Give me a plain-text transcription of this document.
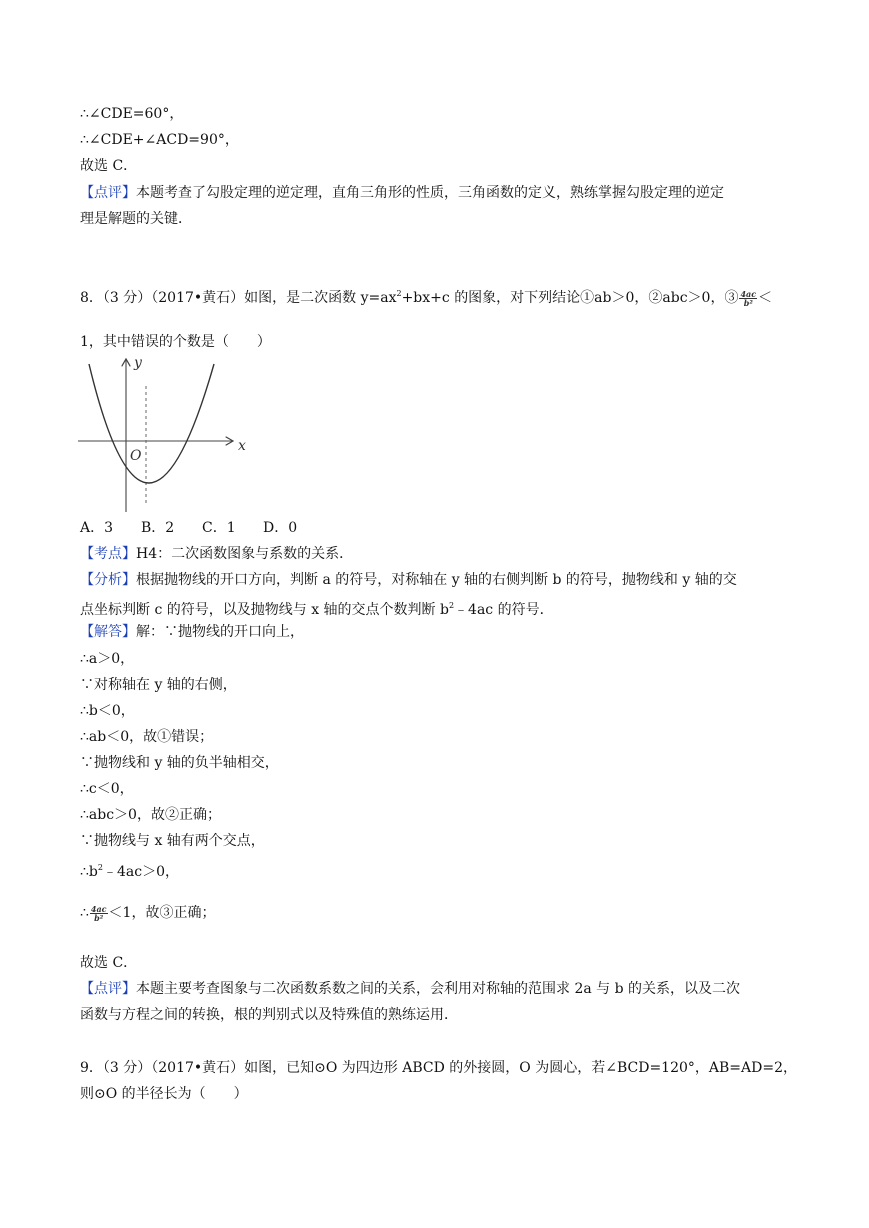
∴∠CDE=60°，
∴∠CDE+∠ACD=90°，
故选 C．
【点评】本题考查了勾股定理的逆定理，直角三角形的性质，三角函数的定义，熟练掌握勾股定理的逆定
理是解题的关键．
8．（3 分）（2017•黄石）如图，是二次函数 $y=ax^2+bx+c$ 的图象，对下列结论①ab＞0，②abc＞0，③ $\frac{4ac}{\text{b²}}$ ＜
1，其中错误的个数是（　　）
y
x
O
A．3 B．2 C．1 D．0
【考点】H4：二次函数图象与系数的关系．
【分析】根据抛物线的开口方向，判断 a 的符号，对称轴在 y 轴的右侧判断 b 的符号，抛物线和 y 轴的交
点坐标判断 c 的符号，以及抛物线与 x 轴的交点个数判断 $b^2﹣4ac$ 的符号．
【解答】解：∵抛物线的开口向上，
∴a＞0，
∵对称轴在 y 轴的右侧，
∴b＜0，
∴ab＜0，故①错误；
∵抛物线和 y 轴的负半轴相交，
∴c＜0，
∴abc＞0，故②正确；
∵抛物线与 x 轴有两个交点，
$\therefore b^2﹣4ac>0$，
∴ $\frac{4ac}{\text{b²}} <1$，故③正确；
故选 C．
【点评】本题主要考查图象与二次函数系数之间的关系，会利用对称轴的范围求 2a 与 b 的关系，以及二次
函数与方程之间的转换，根的判别式以及特殊值的熟练运用．
9．（3 分）（2017•黄石）如图，已知⊙O 为四边形 ABCD 的外接圆，O 为圆心，若∠BCD=120°，AB=AD=2，
则⊙O 的半径长为（　　）
